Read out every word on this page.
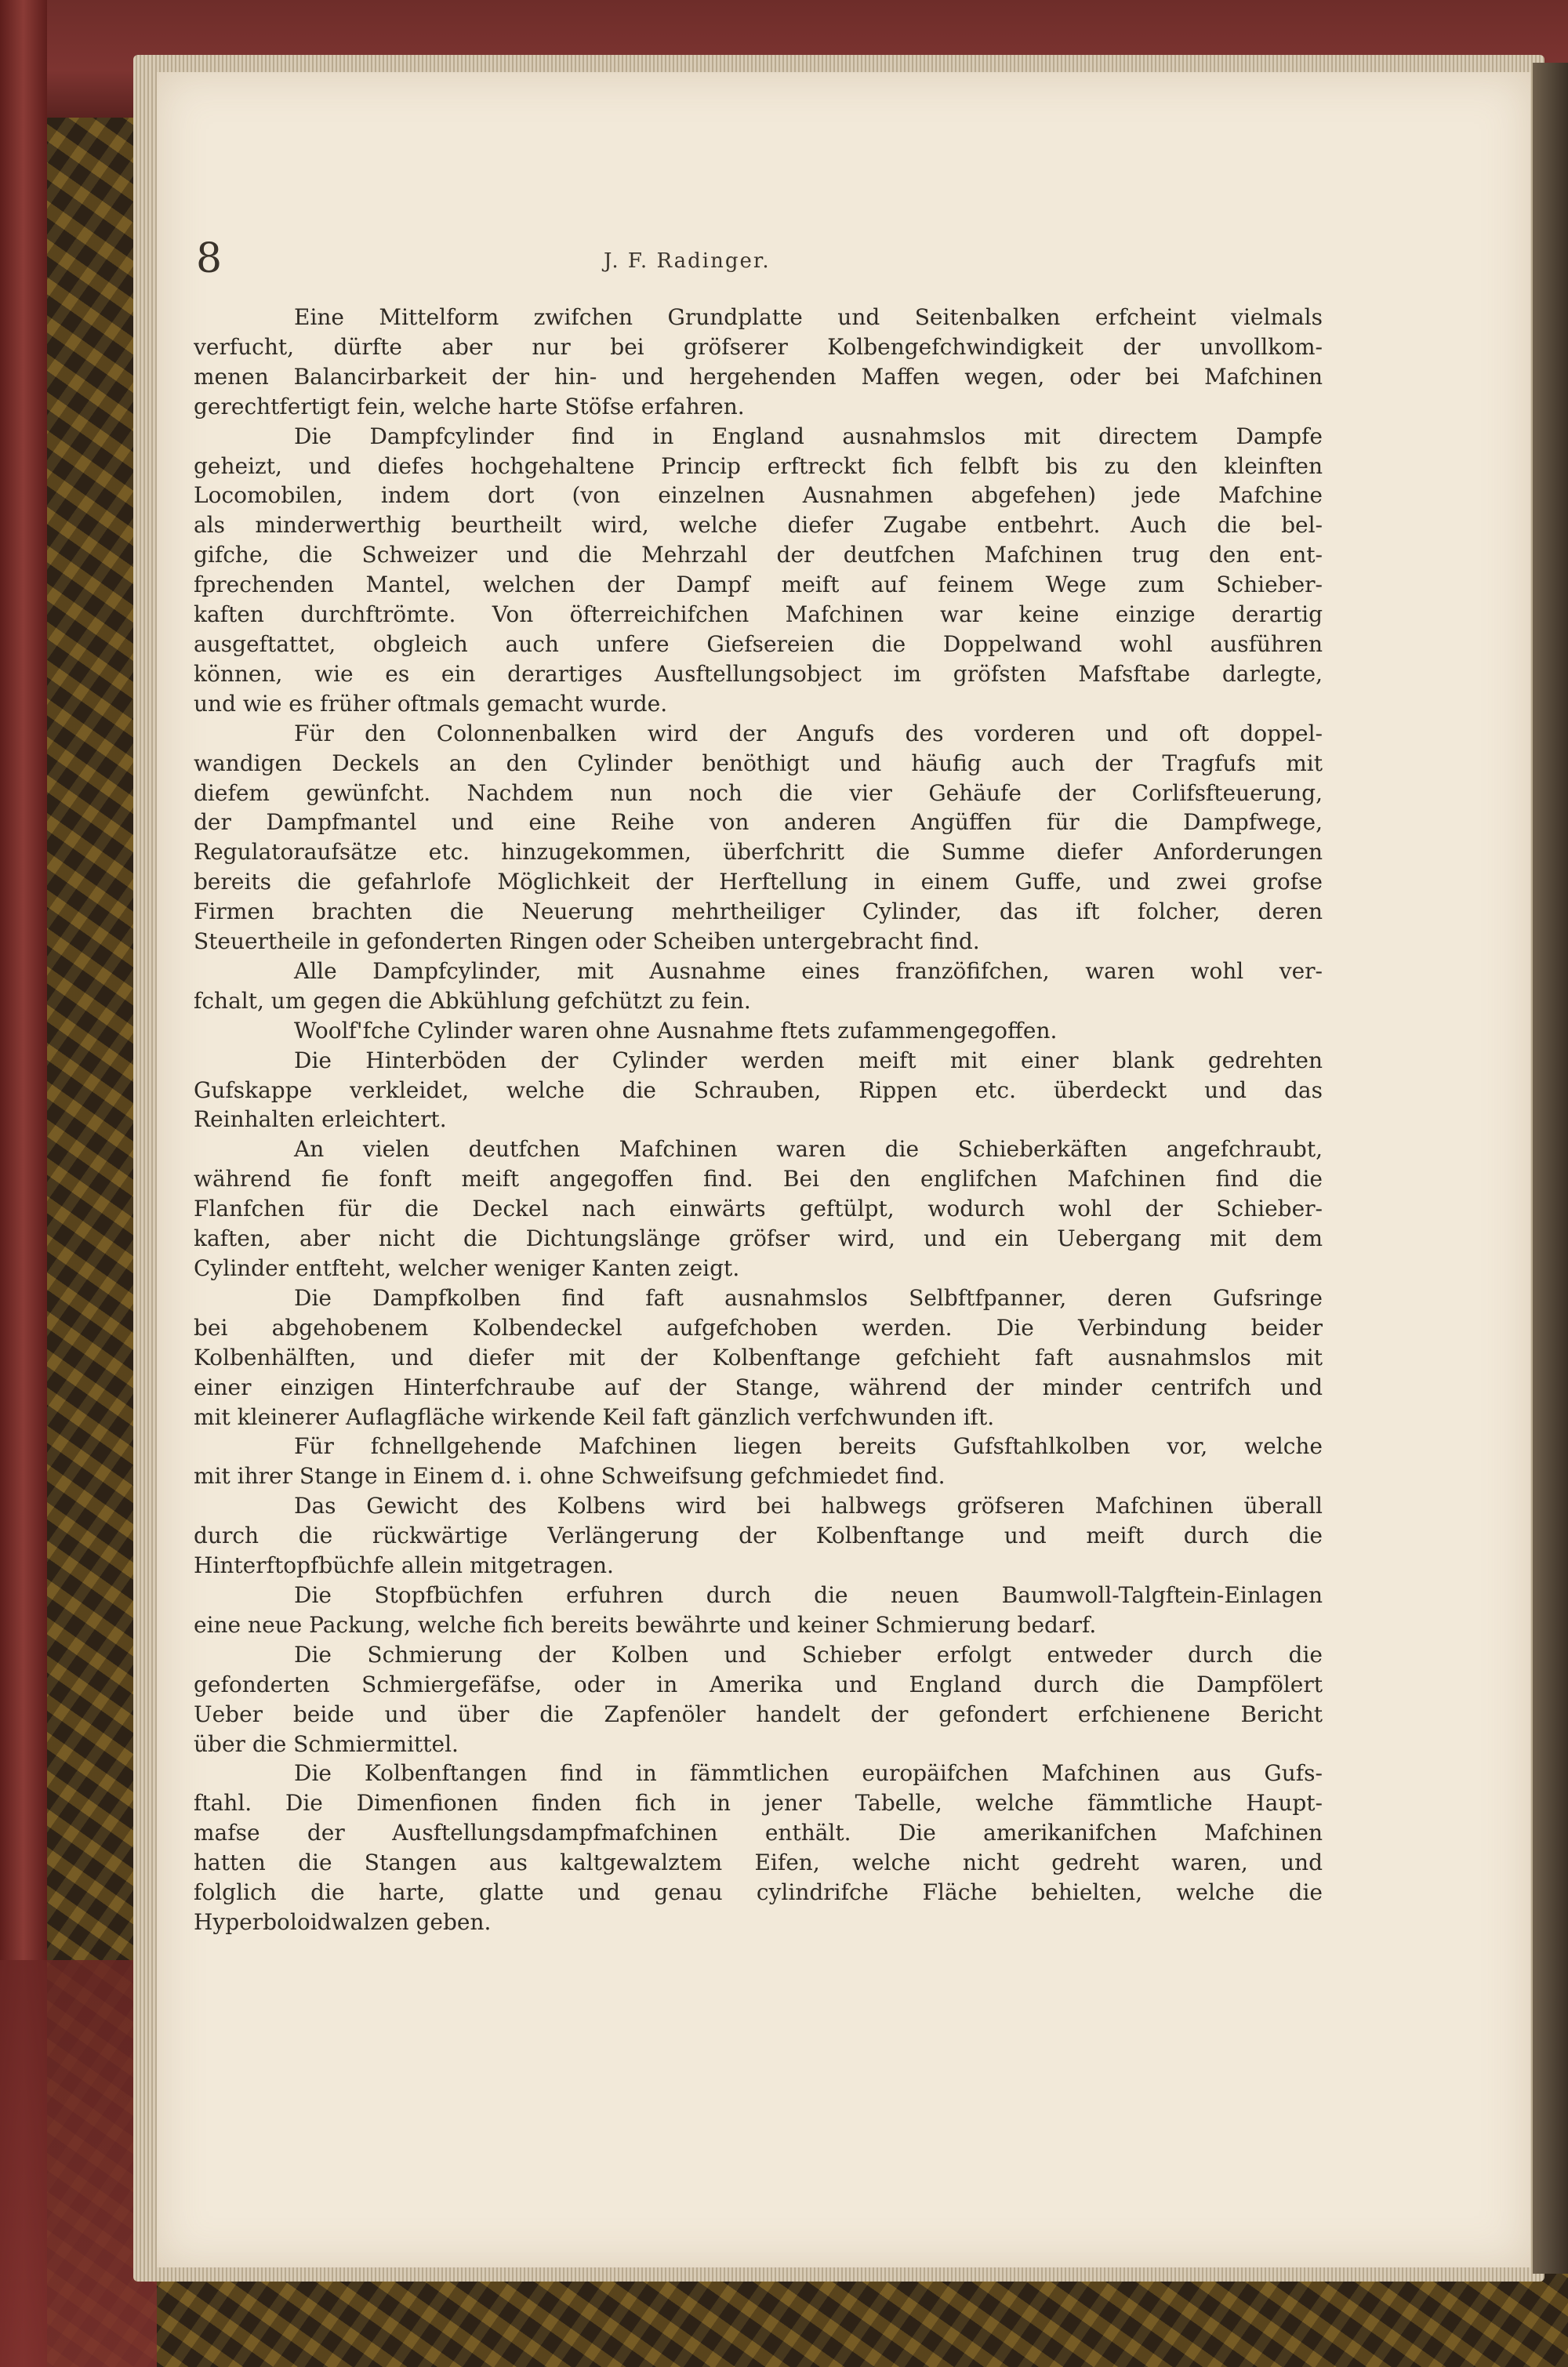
8	J. F. Radinger.
Eine Mittelform zwifchen Grundplatte und Seitenbalken erfcheint vielmals
verfucht, dürfte aber nur bei gröfserer Kolbengefchwindigkeit der unvollkom-
menen Balancirbarkeit der hin- und hergehenden Maffen wegen, oder bei Mafchinen
gerechtfertigt fein, welche harte Stöfse erfahren.
Die Dampfcylinder find in England ausnahmslos mit directem Dampfe
geheizt, und diefes hochgehaltene Princip erftreckt fich felbft bis zu den kleinften
Locomobilen, indem dort (von einzelnen Ausnahmen abgefehen) jede Mafchine
als minderwerthig beurtheilt wird, welche diefer Zugabe entbehrt. Auch die bel-
gifche, die Schweizer und die Mehrzahl der deutfchen Mafchinen trug den ent-
fprechenden Mantel, welchen der Dampf meift auf feinem Wege zum Schieber-
kaften durchftrömte. Von öfterreichifchen Mafchinen war keine einzige derartig
ausgeftattet, obgleich auch unfere Giefsereien die Doppelwand wohl ausführen
können, wie es ein derartiges Ausftellungsobject im gröfsten Mafsftabe darlegte,
und wie es früher oftmals gemacht wurde.
Für den Colonnenbalken wird der Angufs des vorderen und oft doppel-
wandigen Deckels an den Cylinder benöthigt und häufig auch der Tragfufs mit
diefem gewünfcht. Nachdem nun noch die vier Gehäufe der Corlifsfteuerung,
der Dampfmantel und eine Reihe von anderen Angüffen für die Dampfwege,
Regulatoraufsätze etc. hinzugekommen, überfchritt die Summe diefer Anforderungen
bereits die gefahrlofe Möglichkeit der Herftellung in einem Guffe, und zwei grofse
Firmen brachten die Neuerung mehrtheiliger Cylinder, das ift folcher, deren
Steuertheile in gefonderten Ringen oder Scheiben untergebracht find.
Alle Dampfcylinder, mit Ausnahme eines franzöfifchen, waren wohl ver-
fchalt, um gegen die Abkühlung gefchützt zu fein.
Woolf'fche Cylinder waren ohne Ausnahme ftets zufammengegoffen.
Die Hinterböden der Cylinder werden meift mit einer blank gedrehten
Gufskappe verkleidet, welche die Schrauben, Rippen etc. überdeckt und das
Reinhalten erleichtert.
An vielen deutfchen Mafchinen waren die Schieberkäften angefchraubt,
während fie fonft meift angegoffen find. Bei den englifchen Mafchinen find die
Flanfchen für die Deckel nach einwärts geftülpt, wodurch wohl der Schieber-
kaften, aber nicht die Dichtungslänge gröfser wird, und ein Uebergang mit dem
Cylinder entfteht, welcher weniger Kanten zeigt.
Die Dampfkolben find faft ausnahmslos Selbftfpanner, deren Gufsringe
bei abgehobenem Kolbendeckel aufgefchoben werden. Die Verbindung beider
Kolbenhälften, und diefer mit der Kolbenftange gefchieht faft ausnahmslos mit
einer einzigen Hinterfchraube auf der Stange, während der minder centrifch und
mit kleinerer Auflagfläche wirkende Keil faft gänzlich verfchwunden ift.
Für fchnellgehende Mafchinen liegen bereits Gufsftahlkolben vor, welche
mit ihrer Stange in Einem d. i. ohne Schweifsung gefchmiedet find.
Das Gewicht des Kolbens wird bei halbwegs gröfseren Mafchinen überall
durch die rückwärtige Verlängerung der Kolbenftange und meift durch die
Hinterftopfbüchfe allein mitgetragen.
Die Stopfbüchfen erfuhren durch die neuen Baumwoll-Talgftein-Einlagen
eine neue Packung, welche fich bereits bewährte und keiner Schmierung bedarf.
Die Schmierung der Kolben und Schieber erfolgt entweder durch die
gefonderten Schmiergefäfse, oder in Amerika und England durch die Dampfölert
Ueber beide und über die Zapfenöler handelt der gefondert erfchienene Bericht
über die Schmiermittel.
Die Kolbenftangen find in fämmtlichen europäifchen Mafchinen aus Gufs-
ftahl. Die Dimenfionen finden fich in jener Tabelle, welche fämmtliche Haupt-
mafse der Ausftellungsdampfmafchinen enthält. Die amerikanifchen Mafchinen
hatten die Stangen aus kaltgewalztem Eifen, welche nicht gedreht waren, und
folglich die harte, glatte und genau cylindrifche Fläche behielten, welche die
Hyperboloidwalzen geben.
